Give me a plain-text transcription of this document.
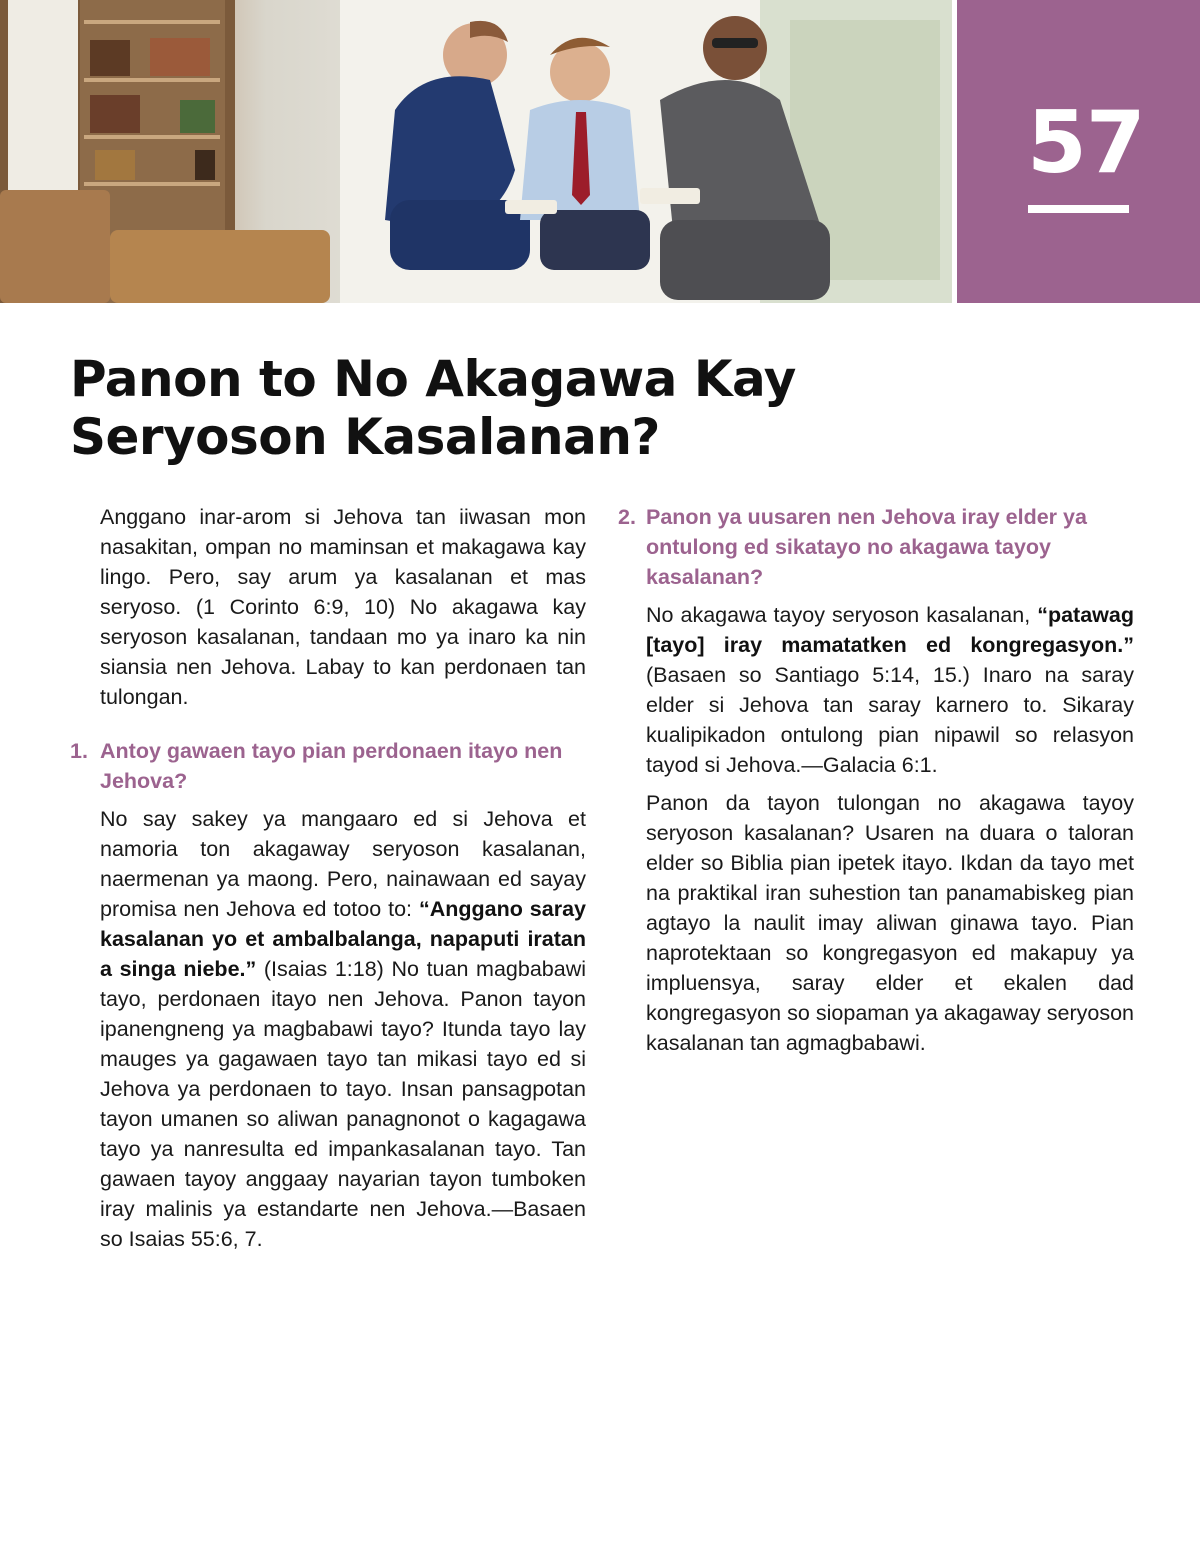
57
Panon to No Akagawa Kay
Seryoson Kasalanan?

Anggano inar-arom si Jehova tan iiwasan mon nasakitan, ompan no maminsan et makagawa kay lingo. Pero, say arum ya kasalanan et mas seryoso. (1 Corinto 6:9, 10) No akagawa kay seryoson kasalanan, tandaan mo ya inaro ka nin siansia nen Jehova. Labay to kan perdonaen tan tulongan.

1. Antoy gawaen tayo pian perdonaen itayo nen Jehova?

No say sakey ya mangaaro ed si Jehova et namoria ton akagaway seryoson kasalanan, naermenan ya maong. Pero, nainawaan ed sayay promisa nen Jehova ed totoo to: “Anggano saray kasalanan yo et ambalbalanga, napaputi iratan a singa niebe.” (Isaias 1:18) No tuan magbabawi tayo, perdonaen itayo nen Jehova. Panon tayon ipanengneng ya magbabawi tayo? Itunda tayo lay mauges ya gagawaen tayo tan mikasi tayo ed si Jehova ya perdonaen to tayo. Insan pansagpotan tayon umanen so aliwan panagnonot o kagagawa tayo ya nanresulta ed impankasalanan tayo. Tan gawaen tayoy anggaay nayarian tayon tumboken iray malinis ya estandarte nen Jehova.—Basaen so Isaias 55:6, 7.

2. Panon ya uusaren nen Jehova iray elder ya ontulong ed sikatayo no akagawa tayoy kasalanan?

No akagawa tayoy seryoson kasalanan, “patawag [tayo] iray mamatatken ed kongregasyon.” (Basaen so Santiago 5:14, 15.) Inaro na saray elder si Jehova tan saray karnero to. Sikaray kualipikadon ontulong pian nipawil so relasyon tayod si Jehova.—Galacia 6:1.

Panon da tayon tulongan no akagawa tayoy seryoson kasalanan? Usaren na duara o taloran elder so Biblia pian ipetek itayo. Ikdan da tayo met na praktikal iran suhestion tan panamabiskeg pian agtayo la naulit imay aliwan ginawa tayo. Pian naprotektaan so kongregasyon ed makapuy ya impluensya, saray elder et ekalen dad kongregasyon so siopaman ya akagaway seryoson kasalanan tan agmagbabawi.
